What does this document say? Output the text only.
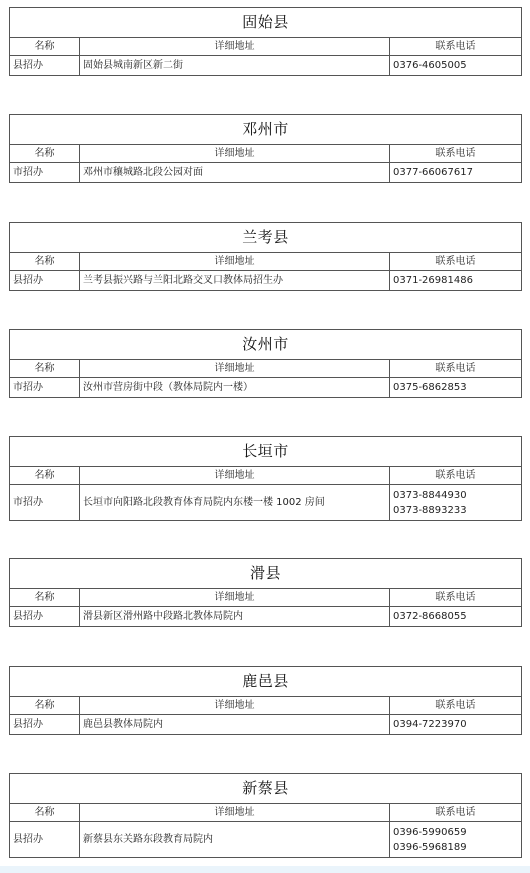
固始县		
名称	详细地址	联系电话
县招办	固始县城南新区新二街	0376-4605005
邓州市		
名称	详细地址	联系电话
市招办	邓州市穰城路北段公园对面	0377-66067617
兰考县		
名称	详细地址	联系电话
县招办	兰考县振兴路与兰阳北路交叉口教体局招生办	0371-26981486
汝州市		
名称	详细地址	联系电话
市招办	汝州市营房街中段（教体局院内一楼）	0375-6862853
长垣市		
名称	详细地址	联系电话
市招办	长垣市向阳路北段教育体育局院内东楼一楼 1002 房间	0373-8844930
0373-8893233
滑县		
名称	详细地址	联系电话
县招办	滑县新区滑州路中段路北教体局院内	0372-8668055
鹿邑县		
名称	详细地址	联系电话
县招办	鹿邑县教体局院内	0394-7223970
新蔡县		
名称	详细地址	联系电话
县招办	新蔡县东关路东段教育局院内	0396-5990659
0396-5968189
